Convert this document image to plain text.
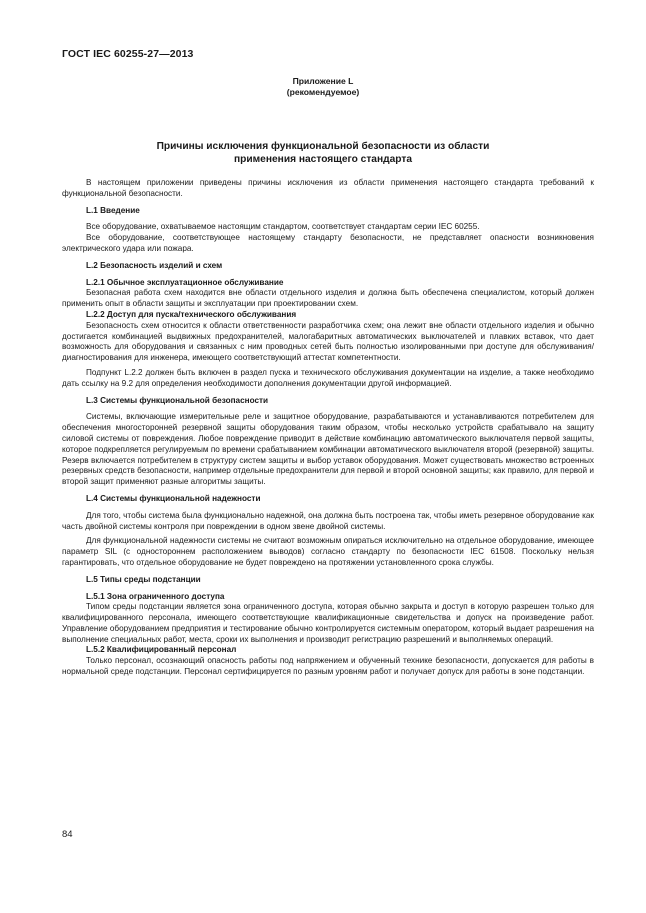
ГОСТ IEC 60255-27—2013
Приложение L
(рекомендуемое)
Причины исключения функциональной безопасности из области
применения настоящего стандарта

В настоящем приложении приведены причины исключения из области применения настоящего стандарта требований к функциональной безопасности.

L.1 Введение

Все оборудование, охватываемое настоящим стандартом, соответствует стандартам серии IEC 60255.

Все оборудование, соответствующее настоящему стандарту безопасности, не представляет опасности возникновения электрического удара или пожара.

L.2 Безопасность изделий и схем
L.2.1 Обычное эксплуатационное обслуживание

Безопасная работа схем находится вне области отдельного изделия и должна быть обеспечена специалистом, который должен применить опыт в области защиты и эксплуатации при проектировании схем.

L.2.2 Доступ для пуска/технического обслуживания

Безопасность схем относится к области ответственности разработчика схем; она лежит вне области отдельного изделия и обычно достигается комбинацией выдвижных предохранителей, малогабаритных автоматических выключателей и плавких вставок, что дает возможность для оборудования и связанных с ним проводных сетей быть полностью изолированными при доступе для обслуживания/диагностирования для инженера, имеющего соответствующий аттестат компетентности.

Подпункт L.2.2 должен быть включен в раздел пуска и технического обслуживания документации на изделие, а также необходимо дать ссылку на 9.2 для определения необходимости дополнения документации другой информацией.

L.3 Системы функциональной безопасности

Системы, включающие измерительные реле и защитное оборудование, разрабатываются и устанавливаются потребителем для обеспечения многосторонней резервной защиты оборудования таким образом, чтобы несколько устройств срабатывало на защиту силовой системы от повреждения. Любое повреждение приводит в действие комбинацию автоматического выключателя первой защиты, которое подкрепляется регулируемым по времени срабатыванием комбинации автоматического выключателя второй (резервной) защиты. Резерв включается потребителем в структуру систем защиты и выбор уставок оборудования. Может существовать множество встроенных резервных средств безопасности, например отдельные предохранители для первой и второй основной защиты; как правило, для первой и второй защит применяют разные алгоритмы защиты.

L.4 Системы функциональной надежности

Для того, чтобы система была функционально надежной, она должна быть построена так, чтобы иметь резервное оборудование как часть двойной системы контроля при повреждении в одном звене двойной системы.

Для функциональной надежности системы не считают возможным опираться исключительно на отдельное оборудование, имеющее параметр SIL (с одностороннем расположением выводов) согласно стандарту по безопасности IEC 61508. Поскольку нельзя гарантировать, что отдельное оборудование не будет повреждено на протяжении установленного срока службы.

L.5 Типы среды подстанции
L.5.1 Зона ограниченного доступа

Типом среды подстанции является зона ограниченного доступа, которая обычно закрыта и доступ в которую разрешен только для квалифицированного персонала, имеющего соответствующие квалификационные свидетельства и допуск на произведение работ. Управление оборудованием предприятия и тестирование обычно контролируется системным оператором, который выдает разрешения на выполнение специальных работ, места, сроки их выполнения и производит регистрацию разрешений и выполняемых операций.

L.5.2 Квалифицированный персонал

Только персонал, осознающий опасность работы под напряжением и обученный технике безопасности, допускается для работы в нормальной среде подстанции. Персонал сертифицируется по разным уровням работ и получает допуск для работы в зоне подстанции.

84
